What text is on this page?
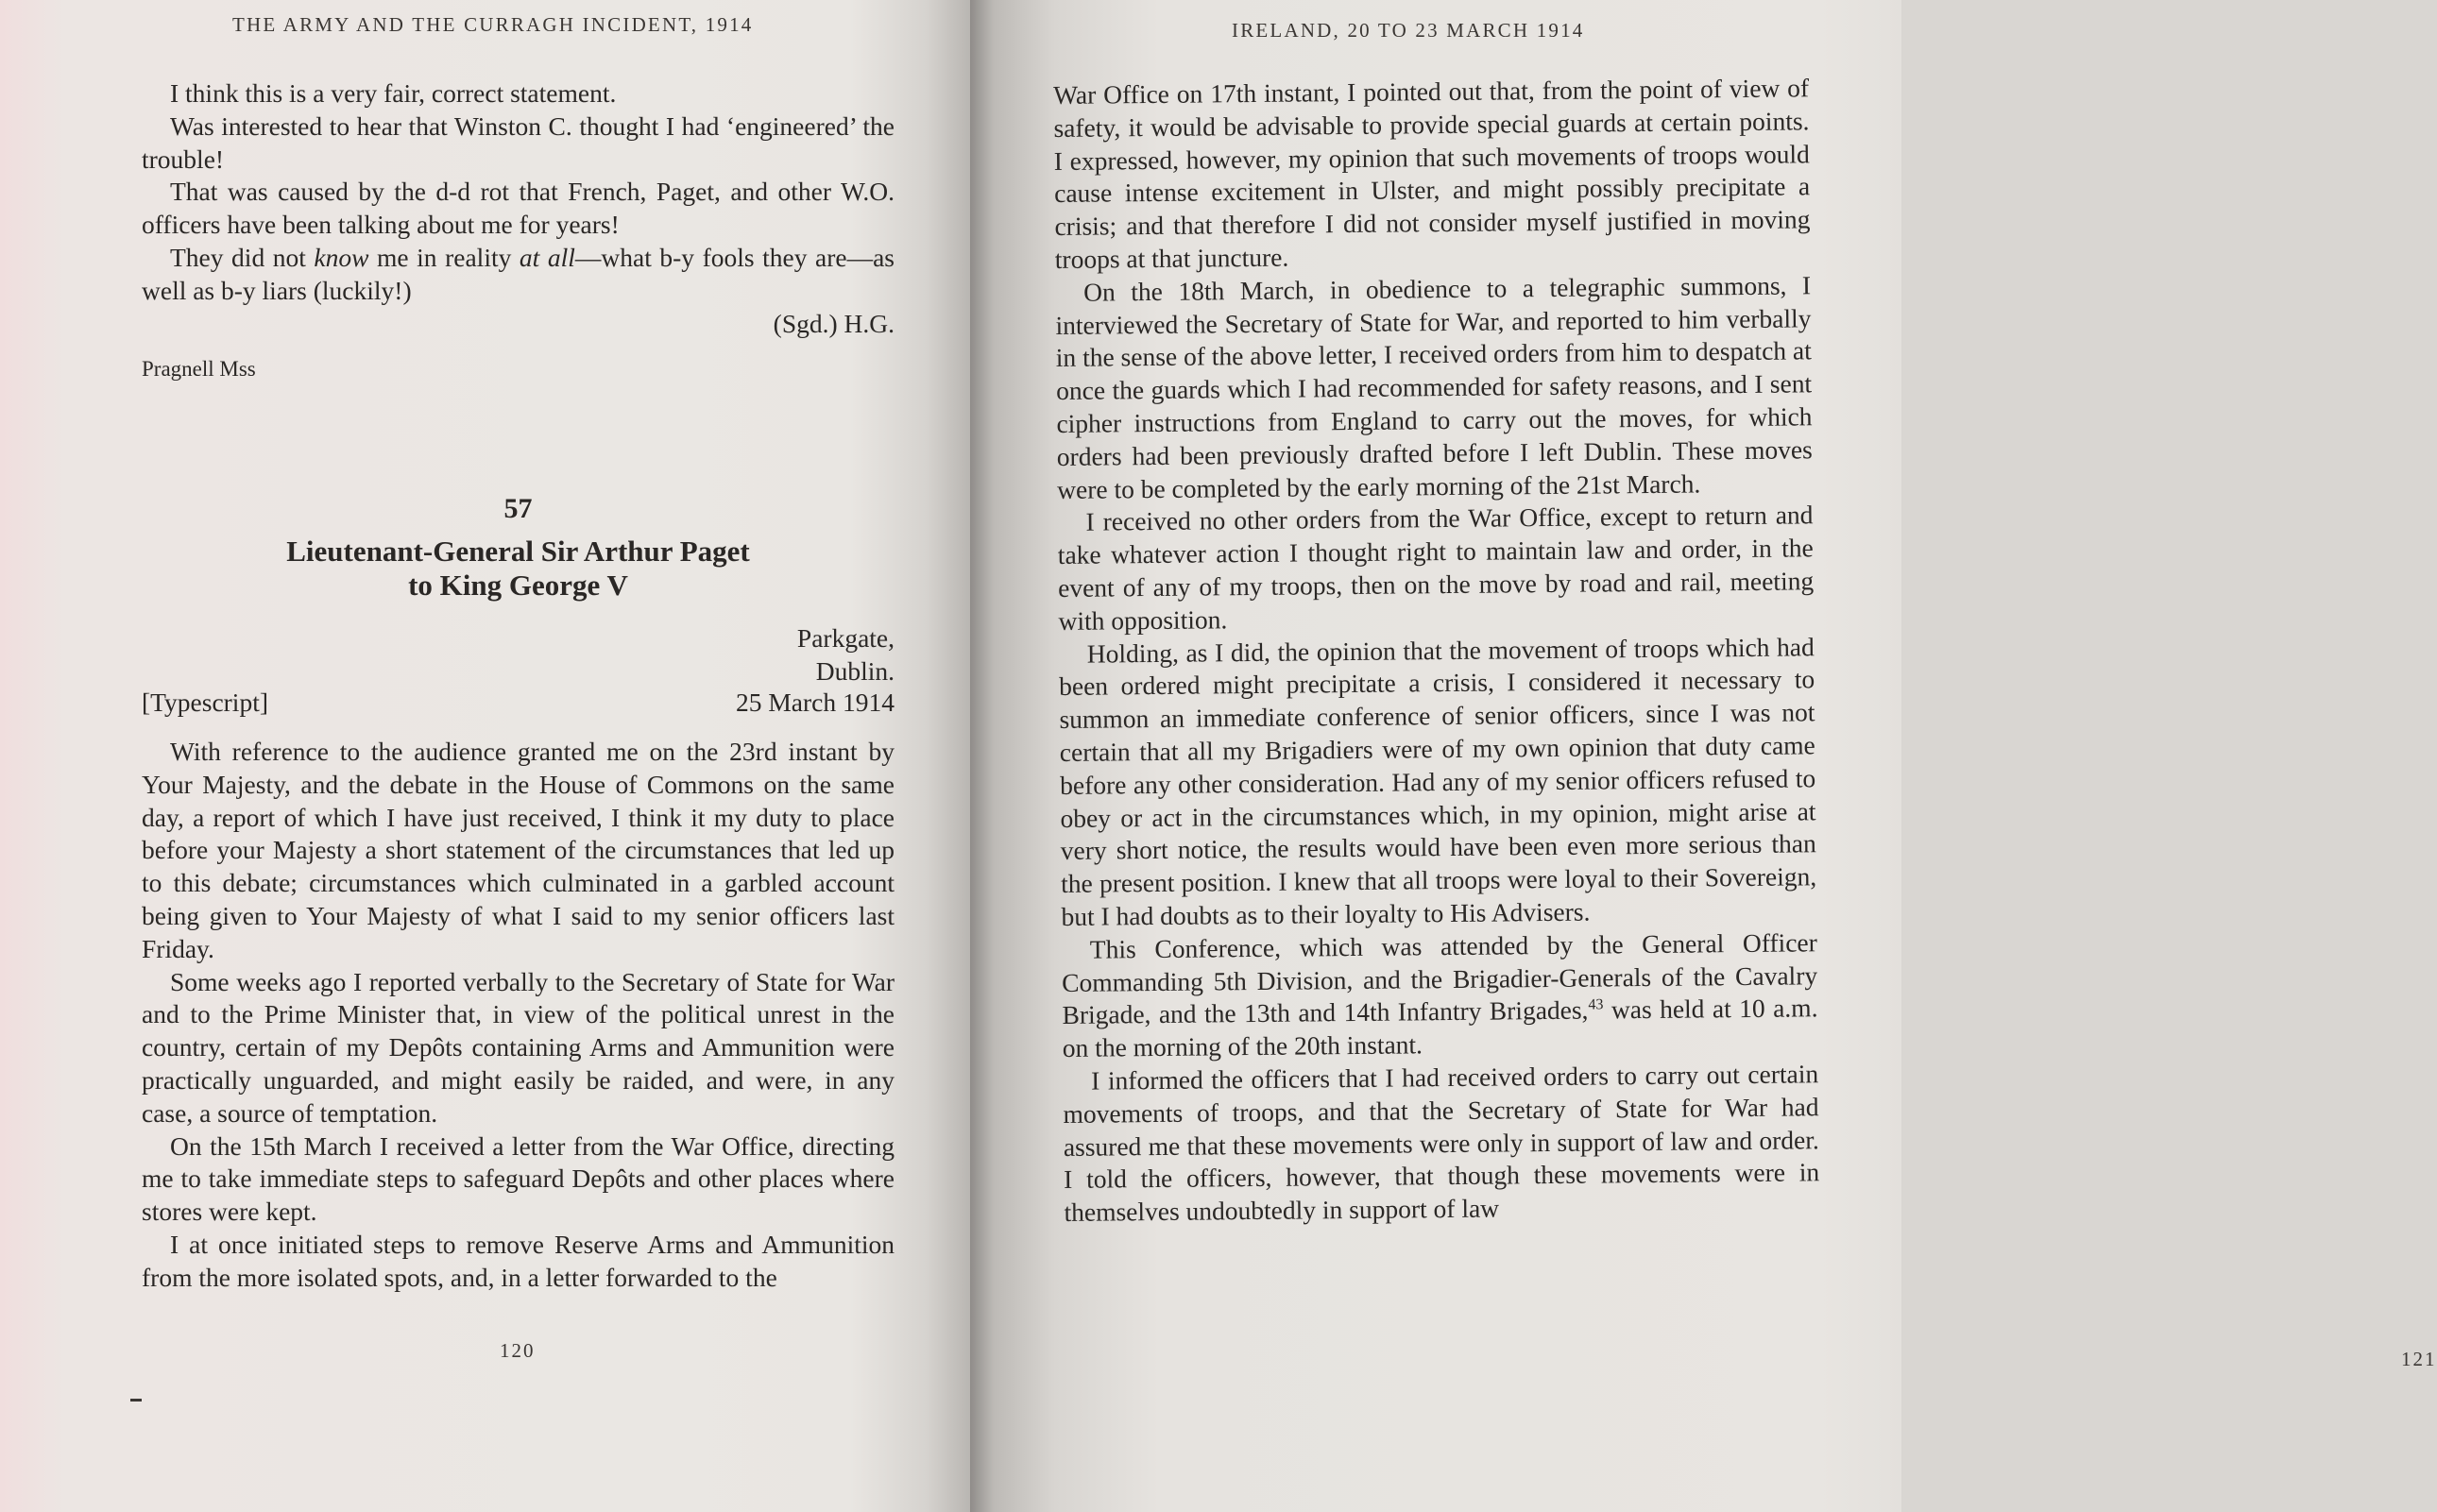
THE ARMY AND THE CURRAGH INCIDENT, 1914

I think this is a very fair, correct statement.

Was interested to hear that Winston C. thought I had ‘engineered’ the trouble!

That was caused by the d-d rot that French, Paget, and other W.O. officers have been talking about me for years!

They did not know me in reality at all—what b-y fools they are—as well as b-y liars (luckily!)

(Sgd.) H.G.

Pragnell Mss
57
Lieutenant-General Sir Arthur Paget
to King George V
Parkgate,
Dublin.
[Typescript]	25 March 1914

With reference to the audience granted me on the 23rd instant by Your Majesty, and the debate in the House of Commons on the same day, a report of which I have just received, I think it my duty to place before your Majesty a short statement of the circumstances that led up to this debate; circumstances which culminated in a garbled account being given to Your Majesty of what I said to my senior officers last Friday.

Some weeks ago I reported verbally to the Secretary of State for War and to the Prime Minister that, in view of the political unrest in the country, certain of my Depôts containing Arms and Ammunition were practically unguarded, and might easily be raided, and were, in any case, a source of temptation.

On the 15th March I received a letter from the War Office, directing me to take immediate steps to safeguard Depôts and other places where stores were kept.

I at once initiated steps to remove Reserve Arms and Ammunition from the more isolated spots, and, in a letter forwarded to the

120
IRELAND, 20 TO 23 MARCH 1914
121

War Office on 17th instant, I pointed out that, from the point of view of safety, it would be advisable to provide special guards at certain points. I expressed, however, my opinion that such movements of troops would cause intense excitement in Ulster, and might possibly precipitate a crisis; and that therefore I did not consider myself justified in moving troops at that juncture.

On the 18th March, in obedience to a telegraphic summons, I interviewed the Secretary of State for War, and reported to him verbally in the sense of the above letter, I received orders from him to despatch at once the guards which I had recommended for safety reasons, and I sent cipher instructions from England to carry out the moves, for which orders had been previously drafted before I left Dublin. These moves were to be completed by the early morning of the 21st March.

I received no other orders from the War Office, except to return and take whatever action I thought right to maintain law and order, in the event of any of my troops, then on the move by road and rail, meeting with opposition.

Holding, as I did, the opinion that the movement of troops which had been ordered might precipitate a crisis, I considered it necessary to summon an immediate conference of senior officers, since I was not certain that all my Brigadiers were of my own opinion that duty came before any other consideration. Had any of my senior officers refused to obey or act in the circumstances which, in my opinion, might arise at very short notice, the results would have been even more serious than the present position. I knew that all troops were loyal to their Sovereign, but I had doubts as to their loyalty to His Advisers.

This Conference, which was attended by the General Officer Commanding 5th Division, and the Brigadier-Generals of the Cavalry Brigade, and the 13th and 14th Infantry Brigades,$^{43}$ was held at 10 a.m. on the morning of the 20th instant.

I informed the officers that I had received orders to carry out certain movements of troops, and that the Secretary of State for War had assured me that these movements were only in support of law and order. I told the officers, however, that though these movements were in themselves undoubtedly in support of law
